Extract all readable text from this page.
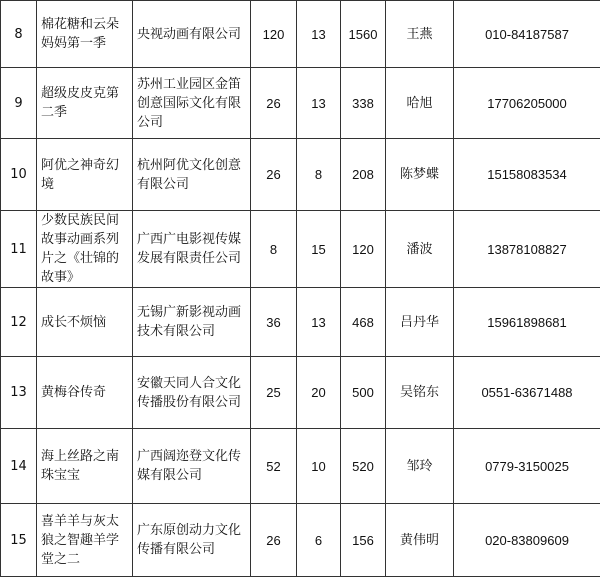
8	棉花糖和云朵妈妈第一季	央视动画有限公司	120	13	1560	王燕	010-84187587
9	超级皮皮克第二季	苏州工业园区金笛创意国际文化有限公司	26	13	338	哈旭	17706205000
10	阿优之神奇幻境	杭州阿优文化创意有限公司	26	8	208	陈梦蝶	15158083534
11	少数民族民间故事动画系列片之《壮锦的故事》	广西广电影视传媒发展有限责任公司	8	15	120	潘波	13878108827
12	成长不烦恼	无锡广新影视动画技术有限公司	36	13	468	吕丹华	15961898681
13	黄梅谷传奇	安徽天同人合文化传播股份有限公司	25	20	500	吴铭东	0551-63671488
14	海上丝路之南珠宝宝	广西阔迩登文化传媒有限公司	52	10	520	邹玲	0779-3150025
15	喜羊羊与灰太狼之智趣羊学堂之二	广东原创动力文化传播有限公司	26	6	156	黄伟明	020-83809609
